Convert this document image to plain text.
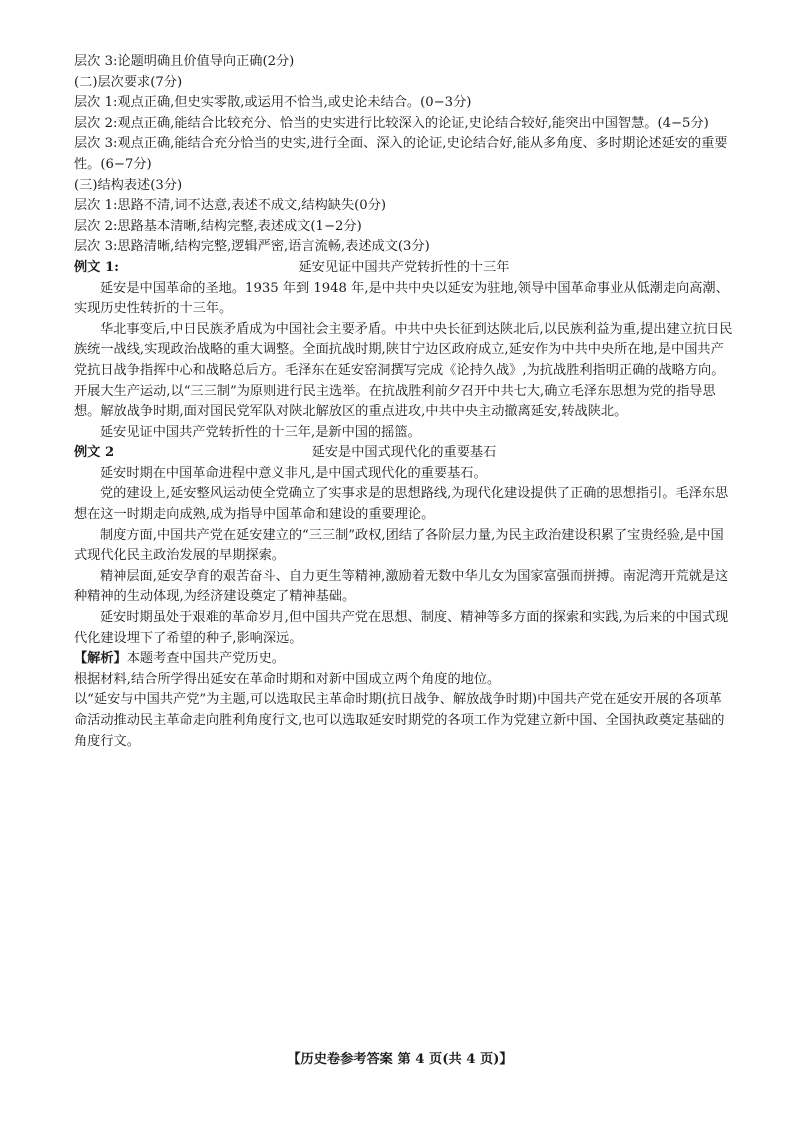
层次 3:论题明确且价值导向正确(2分)
(二)层次要求(7分)
层次 1:观点正确,但史实零散,或运用不恰当,或史论未结合。(0−3分)
层次 2:观点正确,能结合比较充分、恰当的史实进行比较深入的论证,史论结合较好,能突出中国智慧。(4−5分)
层次 3:观点正确,能结合充分恰当的史实,进行全面、深入的论证,史论结合好,能从多角度、多时期论述延安的重要性。(6−7分)
(三)结构表述(3分)
层次 1:思路不清,词不达意,表述不成文,结构缺失(0分)
层次 2:思路基本清晰,结构完整,表述成文(1−2分)
层次 3:思路清晰,结构完整,逻辑严密,语言流畅,表述成文(3分)
例文 1:	延安见证中国共产党转折性的十三年
延安是中国革命的圣地。1935 年到 1948 年,是中共中央以延安为驻地,领导中国革命事业从低潮走向高潮、实现历史性转折的十三年。
华北事变后,中日民族矛盾成为中国社会主要矛盾。中共中央长征到达陕北后,以民族利益为重,提出建立抗日民族统一战线,实现政治战略的重大调整。全面抗战时期,陕甘宁边区政府成立,延安作为中共中央所在地,是中国共产党抗日战争指挥中心和战略总后方。毛泽东在延安窑洞撰写完成《论持久战》,为抗战胜利指明正确的战略方向。开展大生产运动,以“三三制”为原则进行民主选举。在抗战胜利前夕召开中共七大,确立毛泽东思想为党的指导思想。解放战争时期,面对国民党军队对陕北解放区的重点进攻,中共中央主动撤离延安,转战陕北。
延安见证中国共产党转折性的十三年,是新中国的摇篮。
例文 2	延安是中国式现代化的重要基石
延安时期在中国革命进程中意义非凡,是中国式现代化的重要基石。
党的建设上,延安整风运动使全党确立了实事求是的思想路线,为现代化建设提供了正确的思想指引。毛泽东思想在这一时期走向成熟,成为指导中国革命和建设的重要理论。
制度方面,中国共产党在延安建立的“三三制”政权,团结了各阶层力量,为民主政治建设积累了宝贵经验,是中国式现代化民主政治发展的早期探索。
精神层面,延安孕育的艰苦奋斗、自力更生等精神,激励着无数中华儿女为国家富强而拼搏。南泥湾开荒就是这种精神的生动体现,为经济建设奠定了精神基础。
延安时期虽处于艰难的革命岁月,但中国共产党在思想、制度、精神等多方面的探索和实践,为后来的中国式现代化建设埋下了希望的种子,影响深远。
【解析】本题考查中国共产党历史。
根据材料,结合所学得出延安在革命时期和对新中国成立两个角度的地位。
以“延安与中国共产党”为主题,可以选取民主革命时期(抗日战争、解放战争时期)中国共产党在延安开展的各项革命活动推动民主革命走向胜利角度行文,也可以选取延安时期党的各项工作为党建立新中国、全国执政奠定基础的角度行文。
【历史卷参考答案 第 4 页(共 4 页)】
